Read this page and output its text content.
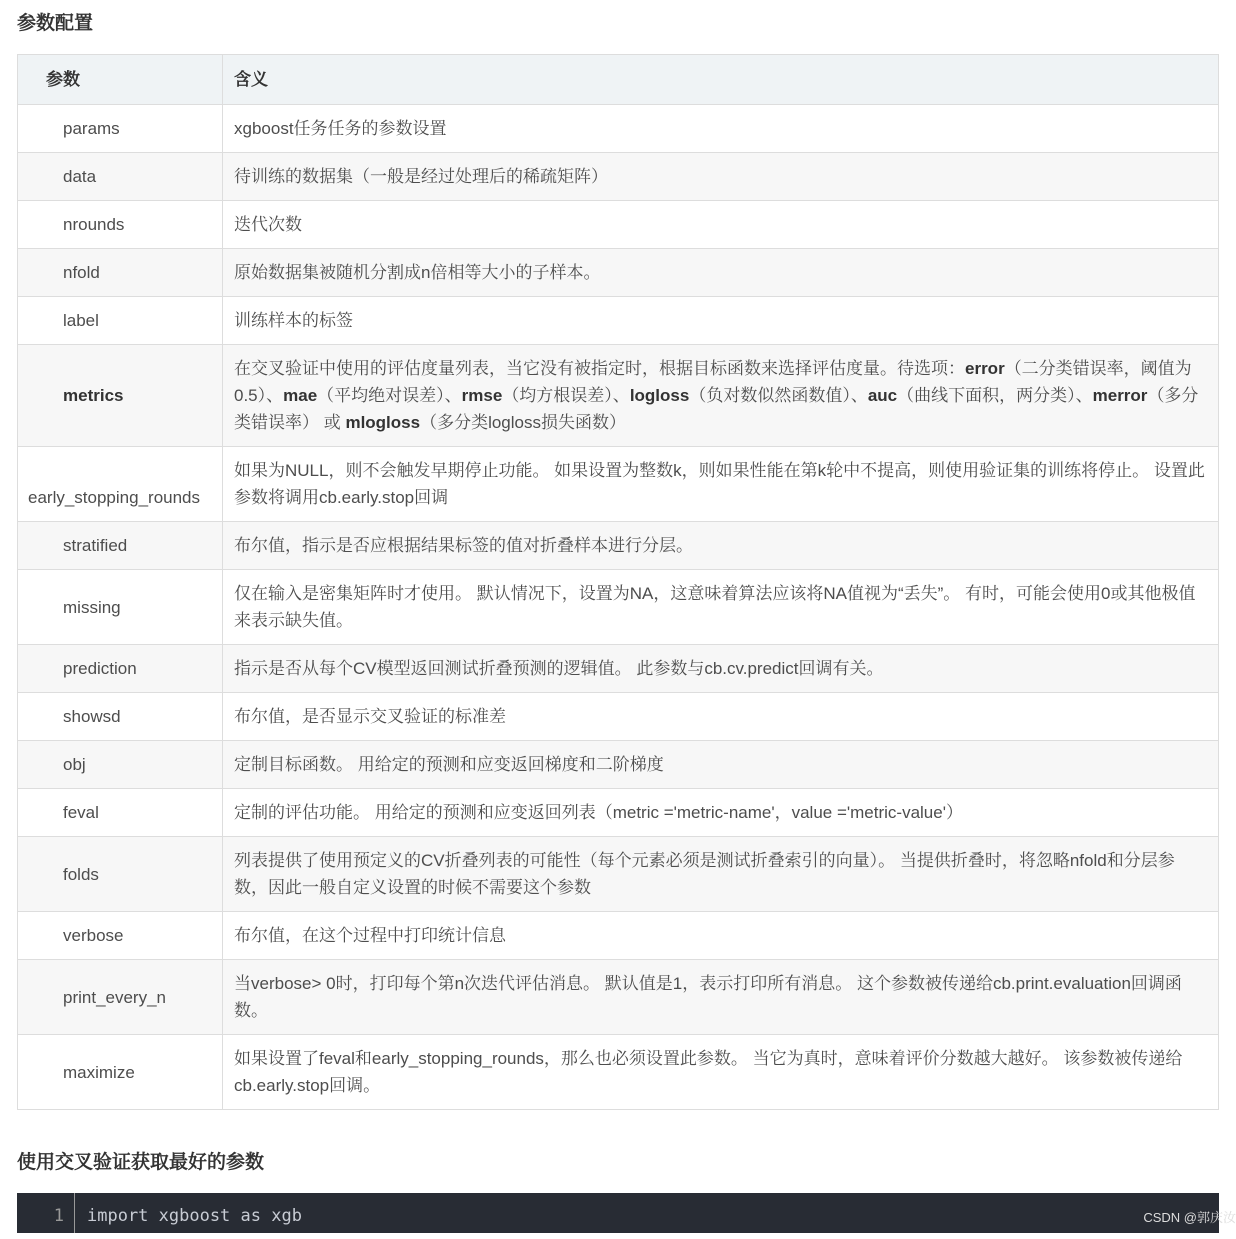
参数配置
参数	含义
params	xgboost任务任务的参数设置
data	待训练的数据集（一般是经过处理后的稀疏矩阵）
nrounds	迭代次数
nfold	原始数据集被随机分割成n倍相等大小的子样本。
label	训练样本的标签
metrics	在交叉验证中使用的评估度量列表，当它没有被指定时，根据目标函数来选择评估度量。待选项：error（二分类错误率，阈值为0.5）、mae（平均绝对误差）、rmse（均方根误差）、logloss（负对数似然函数值）、auc（曲线下面积，两分类）、merror（多分类错误率） 或 mlogloss（多分类logloss损失函数）
early_stopping_rounds	如果为NULL，则不会触发早期停止功能。 如果设置为整数k，则如果性能在第k轮中不提高，则使用验证集的训练将停止。 设置此参数将调用cb.early.stop回调
stratified	布尔值，指示是否应根据结果标签的值对折叠样本进行分层。
missing	仅在输入是密集矩阵时才使用。 默认情况下，设置为NA，这意味着算法应该将NA值视为“丢失”。 有时，可能会使用0或其他极值来表示缺失值。
prediction	指示是否从每个CV模型返回测试折叠预测的逻辑值。 此参数与cb.cv.predict回调有关。
showsd	布尔值，是否显示交叉验证的标准差
obj	定制目标函数。 用给定的预测和应变返回梯度和二阶梯度
feval	定制的评估功能。 用给定的预测和应变返回列表（metric ='metric-name'，value ='metric-value'）
folds	列表提供了使用预定义的CV折叠列表的可能性（每个元素必须是测试折叠索引的向量）。 当提供折叠时，将忽略nfold和分层参数，因此一般自定义设置的时候不需要这个参数
verbose	布尔值，在这个过程中打印统计信息
print_every_n	当verbose> 0时，打印每个第n次迭代评估消息。 默认值是1，表示打印所有消息。 这个参数被传递给cb.print.evaluation回调函数。
maximize	如果设置了feval和early_stopping_rounds，那么也必须设置此参数。 当它为真时，意味着评价分数越大越好。 该参数被传递给cb.early.stop回调。
使用交叉验证获取最好的参数
1	import xgboost as xgb	CSDN @郭庆汝
